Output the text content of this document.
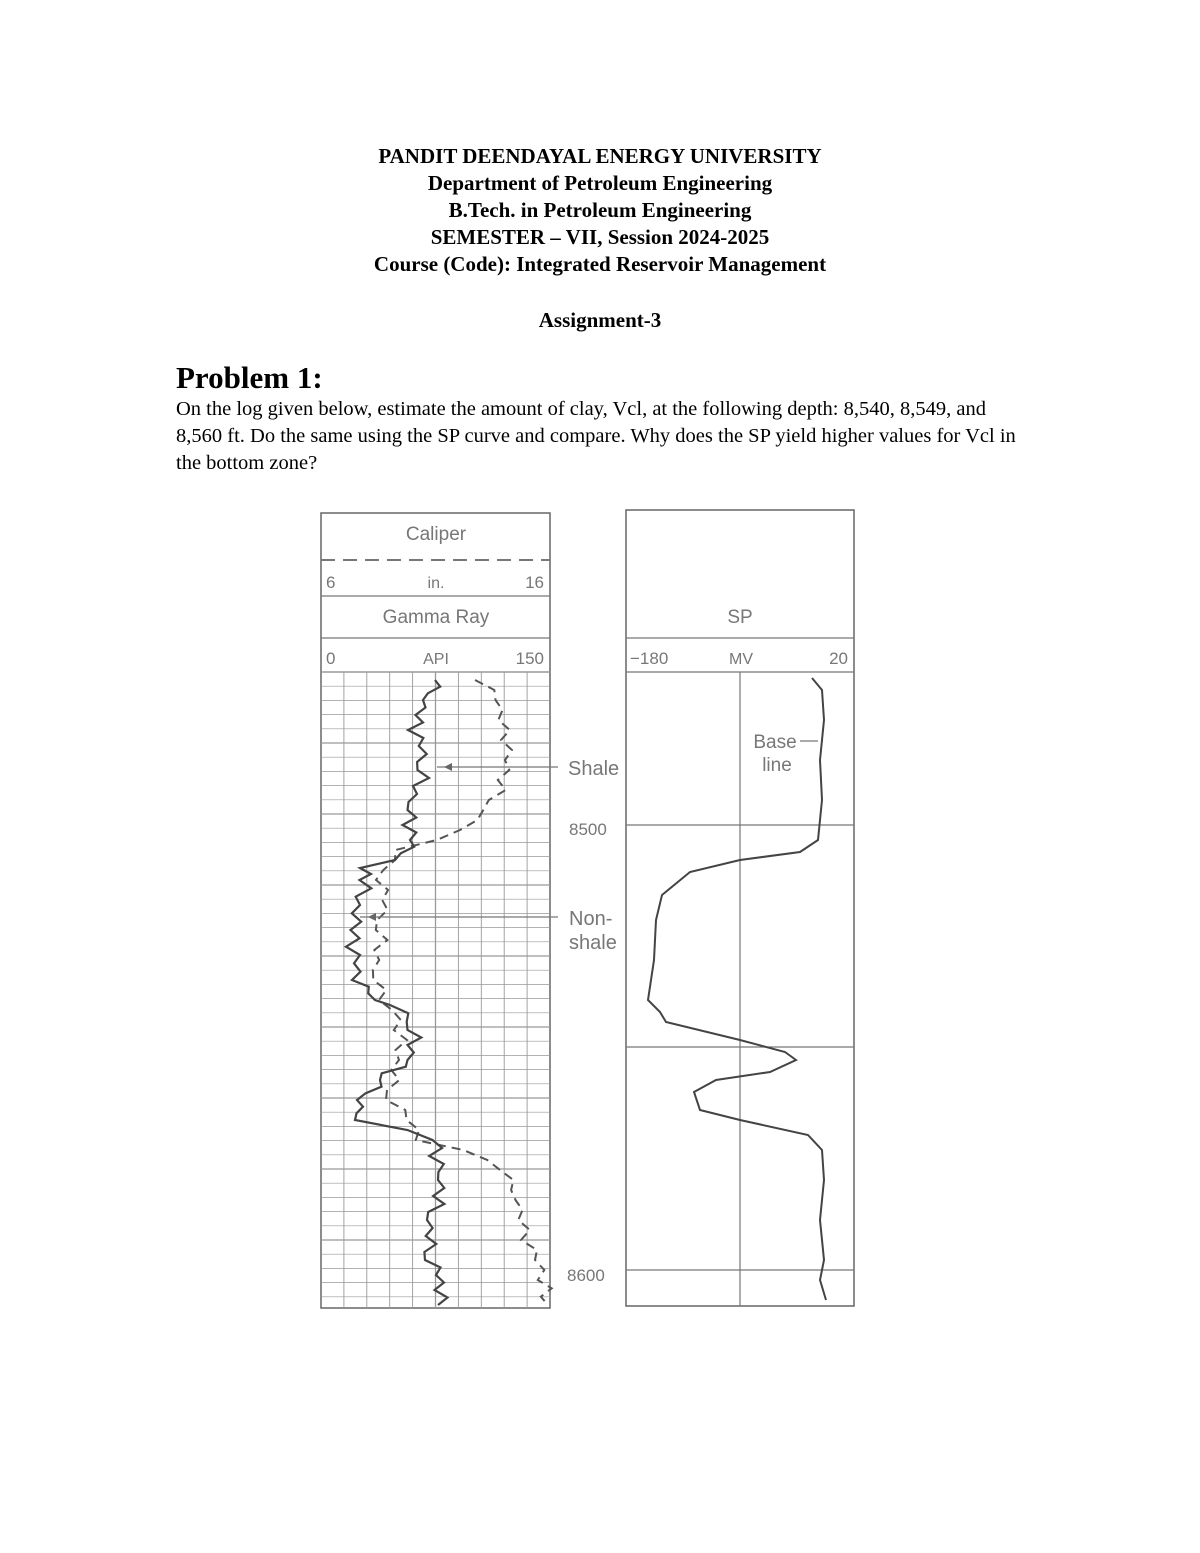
PANDIT DEENDAYAL ENERGY UNIVERSITY
Department of Petroleum Engineering
B.Tech. in Petroleum Engineering
SEMESTER – VII, Session 2024-2025
Course (Code): Integrated Reservoir Management
Assignment-3
Problem 1:
On the log given below, estimate the amount of clay, Vcl, at the following depth: 8,540, 8,549, and 8,560 ft. Do the same using the SP curve and compare. Why does the SP yield higher values for Vcl in the bottom zone?
Caliper
6	in.	16
Gamma Ray
0	API	150
Shale
Non-
shale
8500
8600
SP
−180	MV	20
Base
line
